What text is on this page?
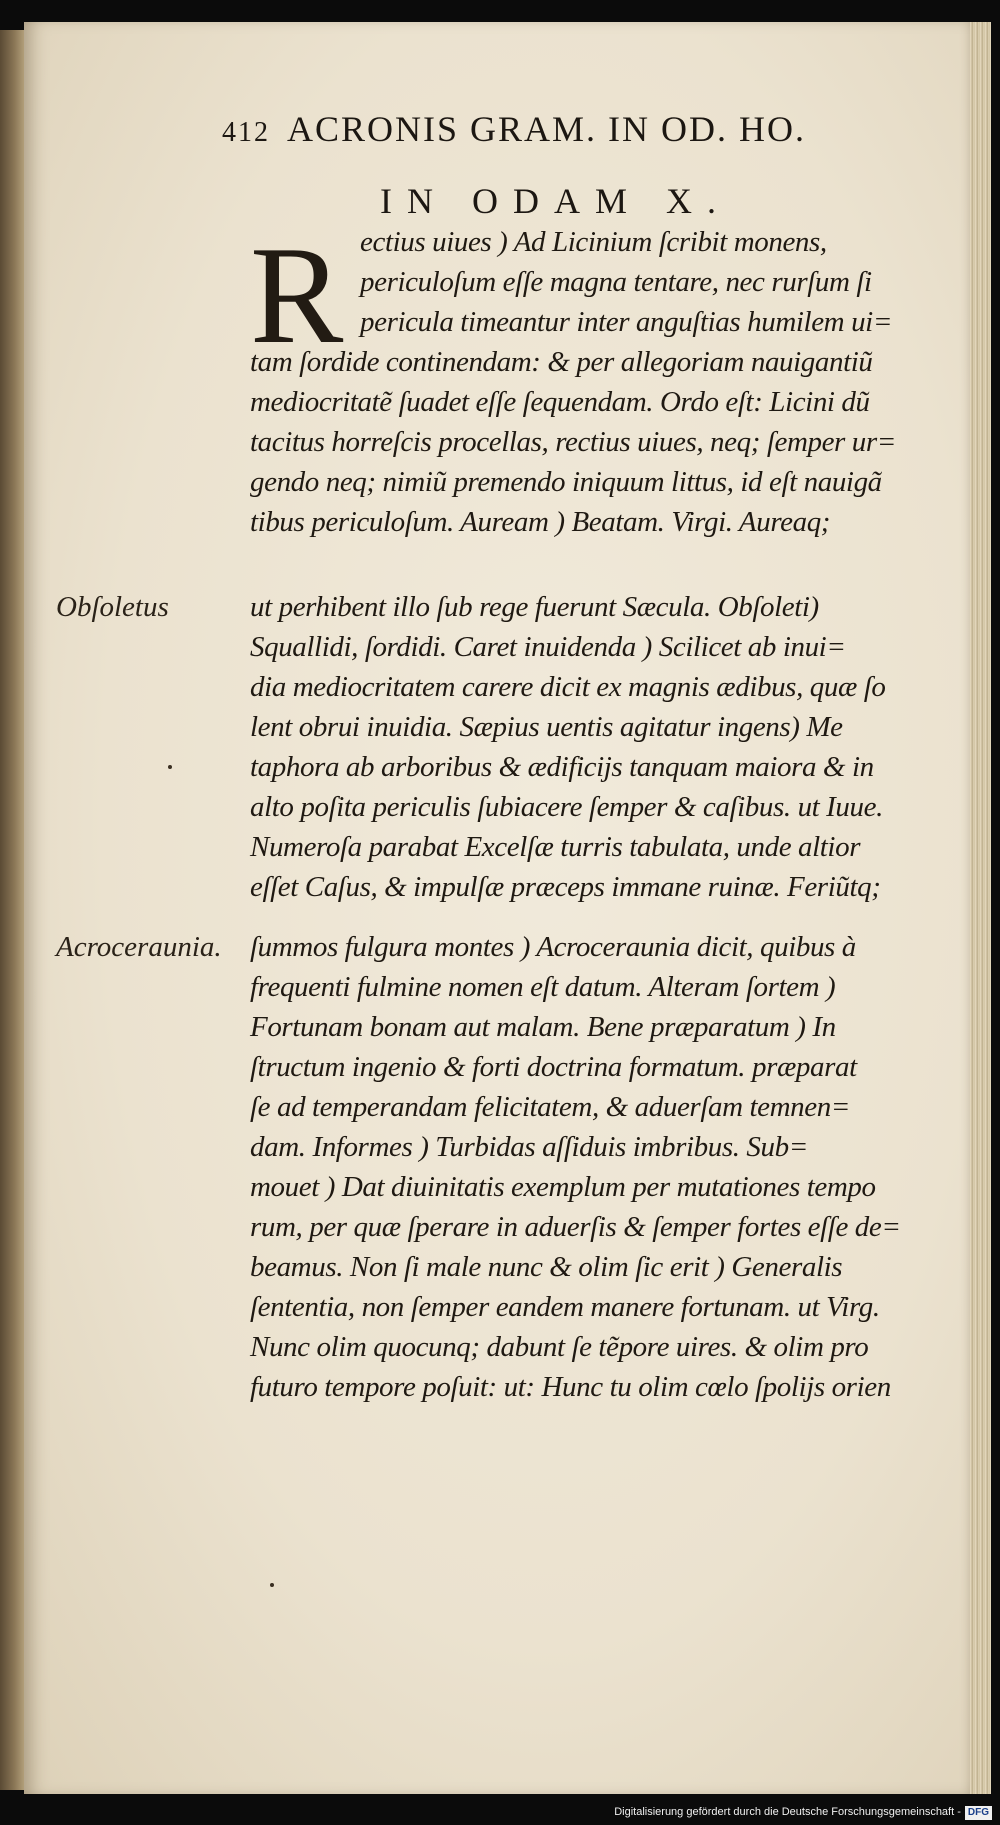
412 ACRONIS GRAM. IN OD. HO.
IN ODAM X.
R ectius uiues ) Ad Licinium ſcribit monens,
periculoſum eſſe magna tentare, nec rurſum ſi
pericula timeantur inter anguſtias humilem ui=
tam ſordide continendam: & per allegoriam nauigantiũ
mediocritatẽ ſuadet eſſe ſequendam. Ordo eſt: Licini dũ
tacitus horreſcis procellas, rectius uiues, neq; ſemper ur=
gendo neq; nimiũ premendo iniquum littus, id eſt nauigã
tibus periculoſum. Auream ) Beatam. Virgi. Aureaq;
ut perhibent illo ſub rege fuerunt Sæcula. Obſoleti)
Squallidi, ſordidi. Caret inuidenda ) Scilicet ab inui=
dia mediocritatem carere dicit ex magnis ædibus, quæ ſo
lent obrui inuidia. Sæpius uentis agitatur ingens) Me
taphora ab arboribus & ædificijs tanquam maiora & in
alto poſita periculis ſubiacere ſemper & caſibus. ut Iuue.
Numeroſa parabat Excelſæ turris tabulata, unde altior
eſſet Caſus, & impulſæ præceps immane ruinæ. Feriũtq;
ſummos fulgura montes ) Acroceraunia dicit, quibus à
frequenti fulmine nomen eſt datum. Alteram ſortem )
Fortunam bonam aut malam. Bene præparatum ) In
ſtructum ingenio & forti doctrina formatum. præparat
ſe ad temperandam felicitatem, & aduerſam temnen=
dam. Informes ) Turbidas aſſiduis imbribus. Sub=
mouet ) Dat diuinitatis exemplum per mutationes tempo
rum, per quæ ſperare in aduerſis & ſemper fortes eſſe de=
beamus. Non ſi male nunc & olim ſic erit ) Generalis
ſententia, non ſemper eandem manere fortunam. ut Virg.
Nunc olim quocunq; dabunt ſe tẽpore uires. & olim pro
futuro tempore poſuit: ut: Hunc tu olim cœlo ſpolijs orien
Obſoletus
Acroceraunia.
Digitalisierung gefördert durch die Deutsche Forschungsgemeinschaft - DFG
